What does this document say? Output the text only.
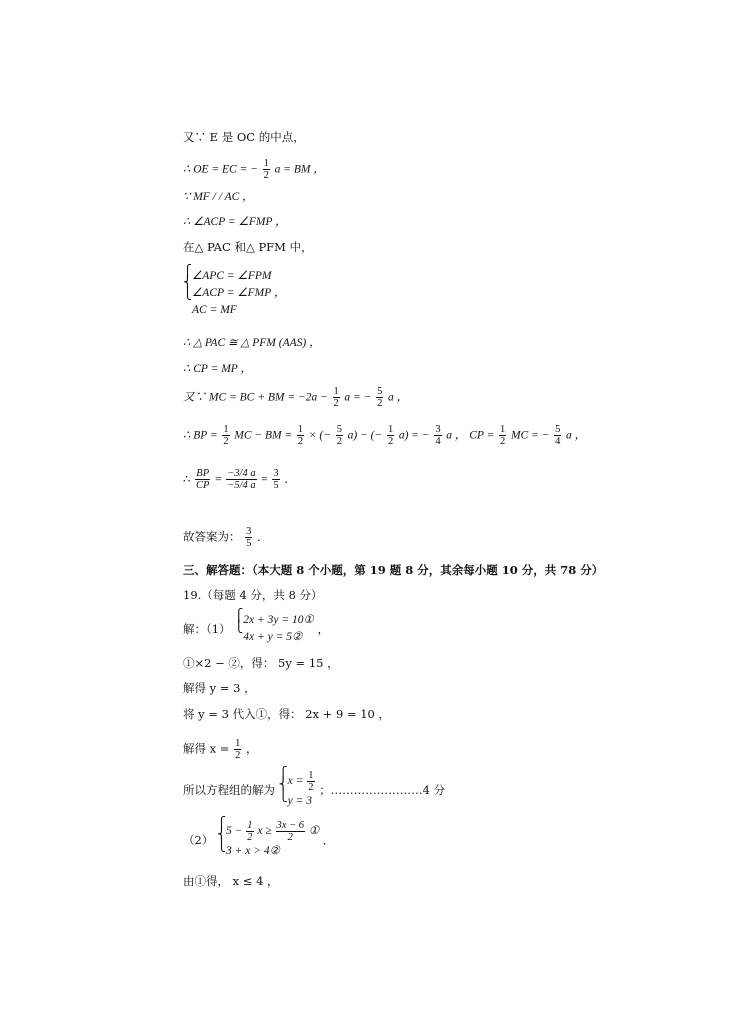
又∵ E 是 OC 的中点，
∴ OE = EC = − $\frac{1}{2}$ a = BM ，
∵ MF / / AC ，
∴ ∠ACP = ∠FMP ，
在△ PAC 和△ PFM 中，
⎧
⎨
⎩
∠APC = ∠FPM
∠ACP = ∠FMP ，
AC = MF
∴ △ PAC ≅ △ PFM (AAS) ，
∴ CP = MP ，
又∵ MC = BC + BM = $-2a - \frac{1}{2}$ a = − $\frac{5}{2}$ a ，
∴ BP = $\frac{1}{2}$ MC − BM = $\frac{1}{2}$ × (− $\frac{5}{2} a$) − (− $\frac{1}{2} a$) = − $\frac{3}{4}$ a ， CP = $\frac{1}{2}$ MC = − $\frac{5}{4}$ a ，
∴ $\frac{BP}{CP} = \frac{-3/4 a}{-5/4 a} = \frac{3}{5}$ ．
故答案为： $\frac{3}{5}$ ．
三、解答题：（本大题 8 个小题，第 19 题 8 分，其余每小题 10 分，共 78 分）
19.（每题 4 分，共 8 分）
解：（1）
⎧
⎩ 2x + 3y = 10①
4x + y = 5②
，
①×2 − ②，得： 5y = 15 ，
解得 y = 3 ，
将 y = 3 代入①，得： 2x + 9 = 10 ，
解得 $x = \frac{1}{2}$ ，
所以方程组的解为
⎧
⎨
⎩
$x = \frac{1}{2}$
y = 3
；……………………4 分
（2）
⎧
⎨
⎩
$5 - \frac{1}{2}$ $x \ge \frac{3x - 6}{2}$ ①
3 + x > 4②
．
由①得， x ≤ 4 ，
